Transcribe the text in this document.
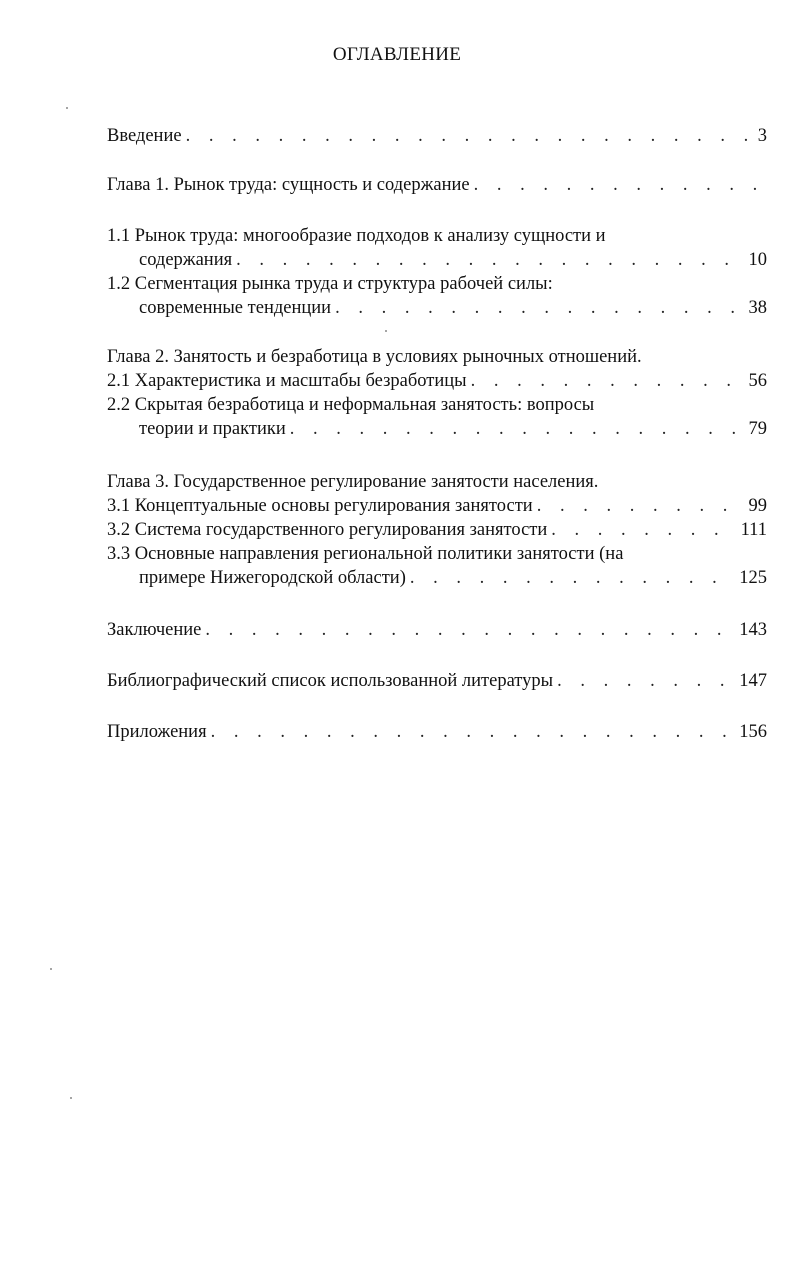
ОГЛАВЛЕНИЕ
Введение . . .	3
Глава 1. Рынок труда: сущность и содержание
. . .
1.1 Рынок труда: многообразие подходов к анализу сущности и
содержания . . .	10
1.2 Сегментация рынка труда и структура рабочей силы:
современные тенденции . . .	38
Глава 2. Занятость и безработица в условиях рыночных отношений.
2.1 Характеристика и масштабы безработицы . . .	56
2.2 Скрытая безработица и неформальная занятость: вопросы
теории и практики . . .	79
Глава 3. Государственное регулирование занятости населения.
3.1 Концептуальные основы регулирования занятости . . .	99
3.2 Система государственного регулирования занятости . . .	111
3.3 Основные направления региональной политики занятости (на
примере Нижегородской области) . . .	125
Заключение . . .	143
Библиографический список использованной литературы . . .	147
Приложения . . .	156
